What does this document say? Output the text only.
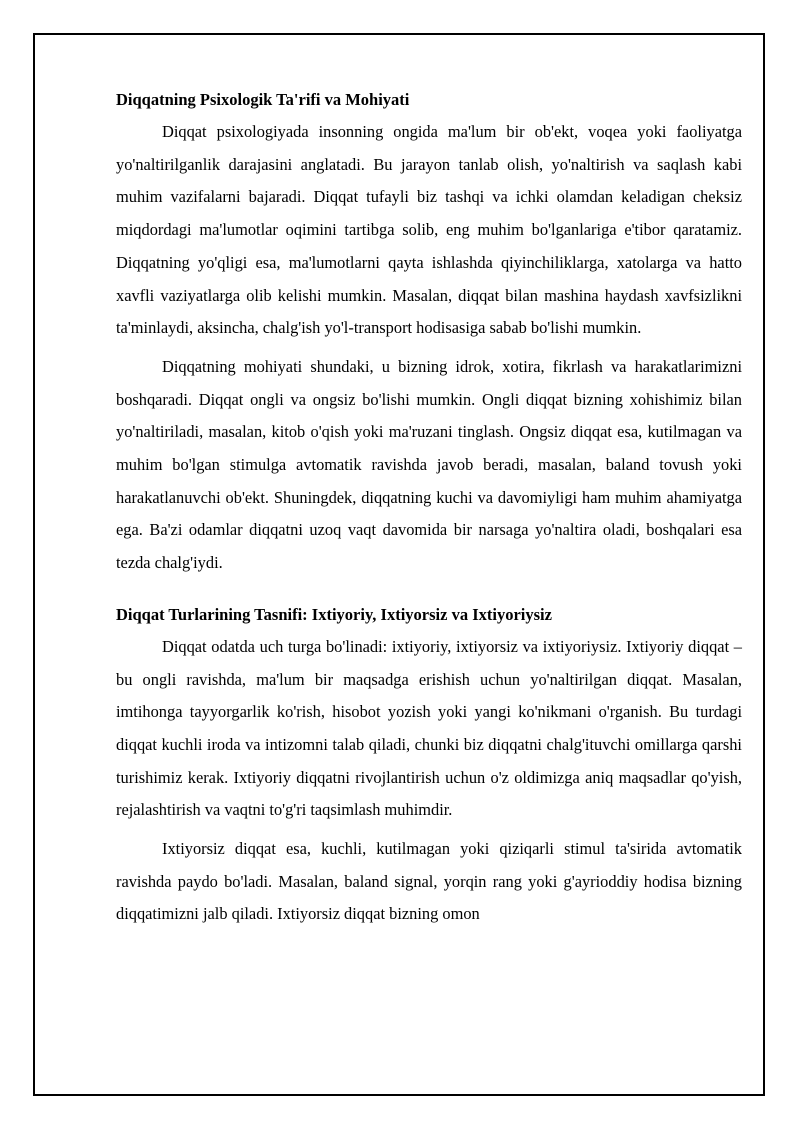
Diqqatning Psixologik Ta'rifi va Mohiyati

Diqqat psixologiyada insonning ongida ma'lum bir ob'ekt, voqea yoki faoliyatga yo'naltirilganlik darajasini anglatadi. Bu jarayon tanlab olish, yo'naltirish va saqlash kabi muhim vazifalarni bajaradi. Diqqat tufayli biz tashqi va ichki olamdan keladigan cheksiz miqdordagi ma'lumotlar oqimini tartibga solib, eng muhim bo'lganlariga e'tibor qaratamiz. Diqqatning yo'qligi esa, ma'lumotlarni qayta ishlashda qiyinchiliklarga, xatolarga va hatto xavfli vaziyatlarga olib kelishi mumkin. Masalan, diqqat bilan mashina haydash xavfsizlikni ta'minlaydi, aksincha, chalg'ish yo'l-transport hodisasiga sabab bo'lishi mumkin.

Diqqatning mohiyati shundaki, u bizning idrok, xotira, fikrlash va harakatlarimizni boshqaradi. Diqqat ongli va ongsiz bo'lishi mumkin. Ongli diqqat bizning xohishimiz bilan yo'naltiriladi, masalan, kitob o'qish yoki ma'ruzani tinglash. Ongsiz diqqat esa, kutilmagan va muhim bo'lgan stimulga avtomatik ravishda javob beradi, masalan, baland tovush yoki harakatlanuvchi ob'ekt. Shuningdek, diqqatning kuchi va davomiyligi ham muhim ahamiyatga ega. Ba'zi odamlar diqqatni uzoq vaqt davomida bir narsaga yo'naltira oladi, boshqalari esa tezda chalg'iydi.

Diqqat Turlarining Tasnifi: Ixtiyoriy, Ixtiyorsiz va Ixtiyoriysiz

Diqqat odatda uch turga bo'linadi: ixtiyoriy, ixtiyorsiz va ixtiyoriysiz. Ixtiyoriy diqqat – bu ongli ravishda, ma'lum bir maqsadga erishish uchun yo'naltirilgan diqqat. Masalan, imtihonga tayyorgarlik ko'rish, hisobot yozish yoki yangi ko'nikmani o'rganish. Bu turdagi diqqat kuchli iroda va intizomni talab qiladi, chunki biz diqqatni chalg'ituvchi omillarga qarshi turishimiz kerak. Ixtiyoriy diqqatni rivojlantirish uchun o'z oldimizga aniq maqsadlar qo'yish, rejalashtirish va vaqtni to'g'ri taqsimlash muhimdir.

Ixtiyorsiz diqqat esa, kuchli, kutilmagan yoki qiziqarli stimul ta'sirida avtomatik ravishda paydo bo'ladi. Masalan, baland signal, yorqin rang yoki g'ayrioddiy hodisa bizning diqqatimizni jalb qiladi. Ixtiyorsiz diqqat bizning omon
